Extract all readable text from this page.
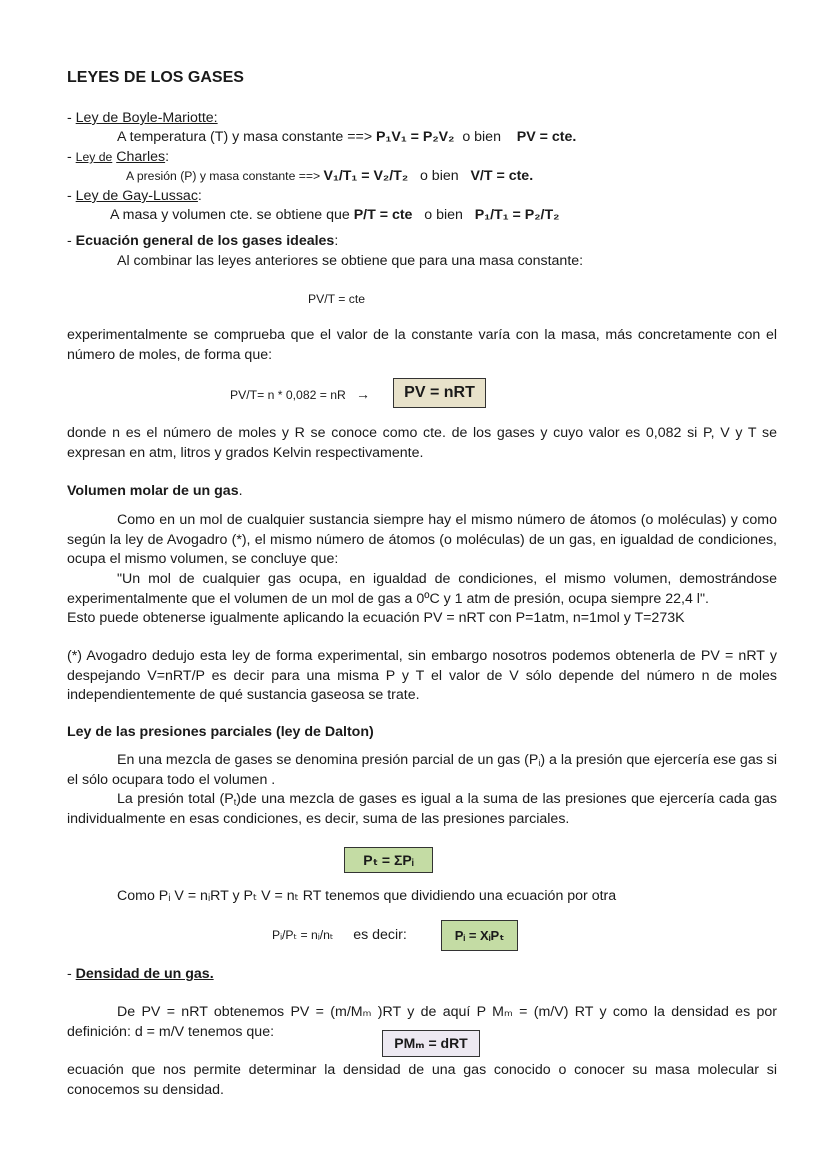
LEYES DE LOS GASES
- Ley de Boyle-Mariotte:
A temperatura (T) y masa constante ==> P₁V₁ = P₂V₂ o bien PV = cte.
- Ley de Charles:
A presión (P) y masa constante ==> V₁/T₁ = V₂/T₂ o bien V/T = cte.
- Ley de Gay-Lussac:
A masa y volumen cte. se obtiene que P/T = cte o bien P₁/T₁ = P₂/T₂
- Ecuación general de los gases ideales:
Al combinar las leyes anteriores se obtiene que para una masa constante:
PV/T = cte
experimentalmente se comprueba que el valor de la constante varía con la masa, más concretamente con el número de moles, de forma que:
PV/T= n * 0,082 = nR →	PV = nRT
donde n es el número de moles y R se conoce como cte. de los gases y cuyo valor es 0,082 si P, V y T se expresan en atm, litros y grados Kelvin respectivamente.
Volumen molar de un gas.
Como en un mol de cualquier sustancia siempre hay el mismo número de átomos (o moléculas) y como según la ley de Avogadro (*), el mismo número de átomos (o moléculas) de un gas, en igualdad de condiciones, ocupa el mismo volumen, se concluye que:
"Un mol de cualquier gas ocupa, en igualdad de condiciones, el mismo volumen, demostrándose experimentalmente que el volumen de un mol de gas a 0ºC y 1 atm de presión, ocupa siempre 22,4 l".
Esto puede obtenerse igualmente aplicando la ecuación PV = nRT con P=1atm, n=1mol y T=273K
(*) Avogadro dedujo esta ley de forma experimental, sin embargo nosotros podemos obtenerla de PV = nRT y despejando V=nRT/P es decir para una misma P y T el valor de V sólo depende del número n de moles independientemente de qué sustancia gaseosa se trate.
Ley de las presiones parciales (ley de Dalton)
En una mezcla de gases se denomina presión parcial de un gas $(P_i)$ a la presión que ejercería ese gas si el sólo ocupara todo el volumen .
La presión total $(P_t)de$ una mezcla de gases es igual a la suma de las presiones que ejercería cada gas individualmente en esas condiciones, es decir, suma de las presiones parciales.
Pₜ = ΣPᵢ
Como Pᵢ V = nᵢRT y Pₜ V = nₜ RT tenemos que dividiendo una ecuación por otra
Pᵢ/Pₜ = nᵢ/nₜ es decir:	Pᵢ = XᵢPₜ
- Densidad de un gas.
De PV = nRT obtenemos PV = (m/Mₘ )RT y de aquí P Mₘ = (m/V) RT y como la densidad es por definición: d = m/V tenemos que:
PMₘ = dRT
ecuación que nos permite determinar la densidad de una gas conocido o conocer su masa molecular si conocemos su densidad.
